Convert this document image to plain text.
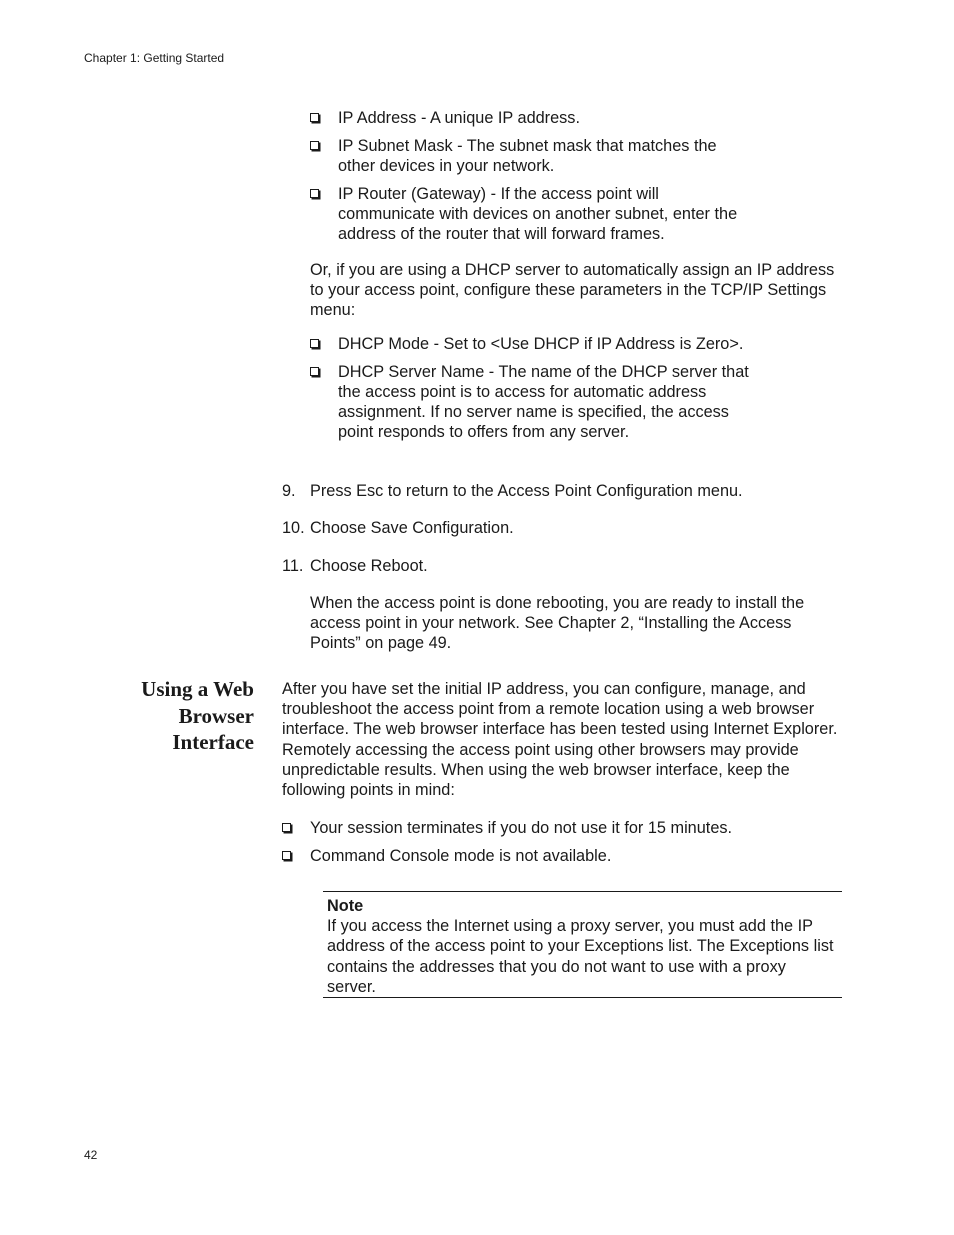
Chapter 1: Getting Started
IP Address - A unique IP address.
IP Subnet Mask - The subnet mask that matches the other devices in your network.
IP Router (Gateway) - If the access point will communicate with devices on another subnet, enter the address of the router that will forward frames.

Or, if you are using a DHCP server to automatically assign an IP address to your access point, configure these parameters in the TCP/IP Settings menu:

DHCP Mode - Set to <Use DHCP if IP Address is Zero>.
DHCP Server Name - The name of the DHCP server that the access point is to access for automatic address assignment. If no server name is specified, the access point responds to offers from any server.
9. Press Esc to return to the Access Point Configuration menu.
10. Choose Save Configuration.
11. Choose Reboot.

When the access point is done rebooting, you are ready to install the access point in your network. See Chapter 2, “Installing the Access Points” on page 49.

Using a Web
Browser
Interface

After you have set the initial IP address, you can configure, manage, and troubleshoot the access point from a remote location using a web browser interface. The web browser interface has been tested using Internet Explorer. Remotely accessing the access point using other browsers may provide unpredictable results. When using the web browser interface, keep the following points in mind:

Your session terminates if you do not use it for 15 minutes.
Command Console mode is not available.
Note
If you access the Internet using a proxy server, you must add the IP address of the access point to your Exceptions list. The Exceptions list contains the addresses that you do not want to use with a proxy server.
42
